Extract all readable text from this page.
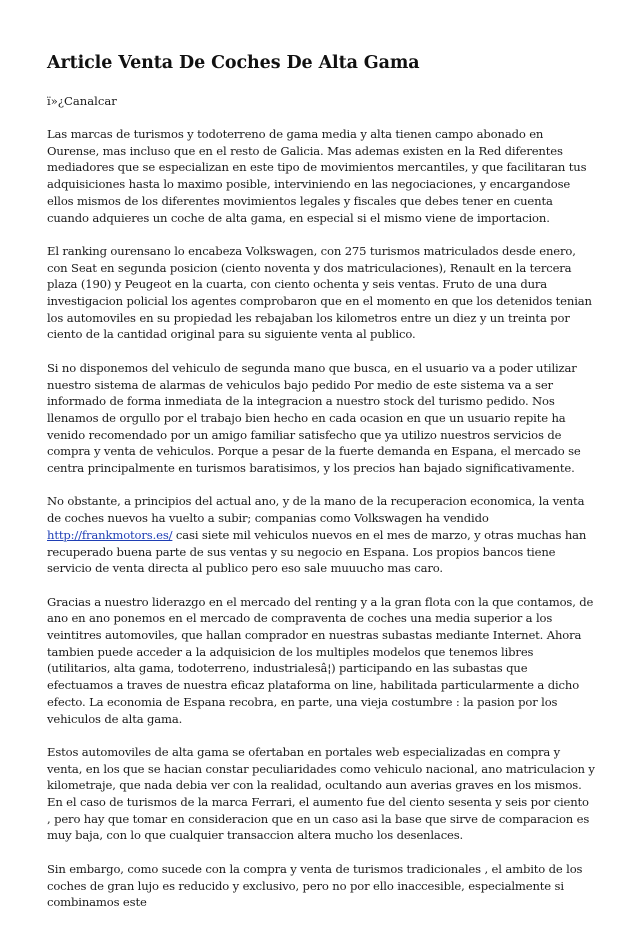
Article Venta De Coches De Alta Gama

ï»¿Canalcar

Las marcas de turismos y todoterreno de gama media y alta tienen campo abonado en Ourense, mas incluso que en el resto de Galicia. Mas ademas existen en la Red diferentes mediadores que se especializan en este tipo de movimientos mercantiles, y que facilitaran tus adquisiciones hasta lo maximo posible, interviniendo en las negociaciones, y encargandose ellos mismos de los diferentes movimientos legales y fiscales que debes tener en cuenta cuando adquieres un coche de alta gama, en especial si el mismo viene de importacion.

El ranking ourensano lo encabeza Volkswagen, con 275 turismos matriculados desde enero, con Seat en segunda posicion (ciento noventa y dos matriculaciones), Renault en la tercera plaza (190) y Peugeot en la cuarta, con ciento ochenta y seis ventas. Fruto de una dura investigacion policial los agentes comprobaron que en el momento en que los detenidos tenian los automoviles en su propiedad les rebajaban los kilometros entre un diez y un treinta por ciento de la cantidad original para su siguiente venta al publico.

Si no disponemos del vehiculo de segunda mano que busca, en el usuario va a poder utilizar nuestro sistema de alarmas de vehiculos bajo pedido Por medio de este sistema va a ser informado de forma inmediata de la integracion a nuestro stock del turismo pedido. Nos llenamos de orgullo por el trabajo bien hecho en cada ocasion en que un usuario repite ha venido recomendado por un amigo familiar satisfecho que ya utilizo nuestros servicios de compra y venta de vehiculos. Porque a pesar de la fuerte demanda en Espana, el mercado se centra principalmente en turismos baratisimos, y los precios han bajado significativamente.

No obstante, a principios del actual ano, y de la mano de la recuperacion economica, la venta de coches nuevos ha vuelto a subir; companias como Volkswagen ha vendido http://frankmotors.es/ casi siete mil vehiculos nuevos en el mes de marzo, y otras muchas han recuperado buena parte de sus ventas y su negocio en Espana. Los propios bancos tiene servicio de venta directa al publico pero eso sale muuucho mas caro.

Gracias a nuestro liderazgo en el mercado del renting y a la gran flota con la que contamos, de ano en ano ponemos en el mercado de compraventa de coches una media superior a los veintitres automoviles, que hallan comprador en nuestras subastas mediante Internet. Ahora tambien puede acceder a la adquisicion de los multiples modelos que tenemos libres (utilitarios, alta gama, todoterreno, industrialesâ¦) participando en las subastas que efectuamos a traves de nuestra eficaz plataforma on line, habilitada particularmente a dicho efecto. La economia de Espana recobra, en parte, una vieja costumbre : la pasion por los vehiculos de alta gama.

Estos automoviles de alta gama se ofertaban en portales web especializadas en compra y venta, en los que se hacian constar peculiaridades como vehiculo nacional, ano matriculacion y kilometraje, que nada debia ver con la realidad, ocultando aun averias graves en los mismos. En el caso de turismos de la marca Ferrari, el aumento fue del ciento sesenta y seis por ciento , pero hay que tomar en consideracion que en un caso asi la base que sirve de comparacion es muy baja, con lo que cualquier transaccion altera mucho los desenlaces.

Sin embargo, como sucede con la compra y venta de turismos tradicionales , el ambito de los coches de gran lujo es reducido y exclusivo, pero no por ello inaccesible, especialmente si combinamos este
